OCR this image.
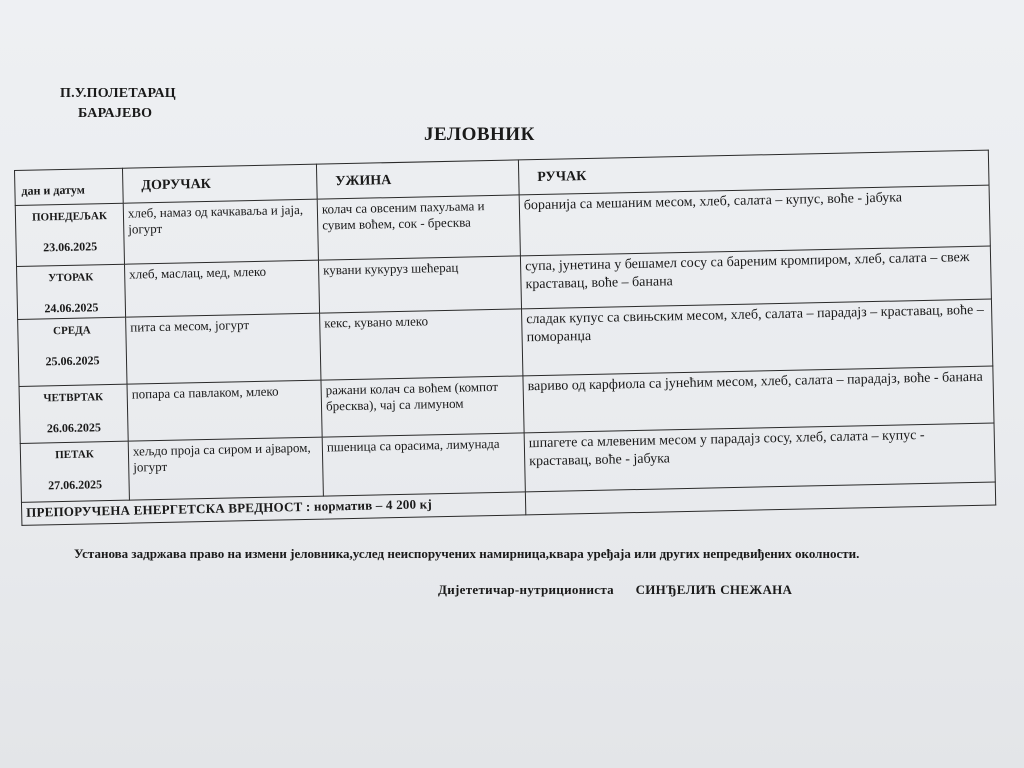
П.У.ПОЛЕТАРАЦ
БАРАЈЕВО
ЈЕЛОВНИК
дан и датум	ДОРУЧАК	УЖИНА	РУЧАК

ПОНЕДЕЉАК
23.06.2025	хлеб, намаз од качкаваља и јаја, јогурт	колач са овсеним пахуљама и сувим воћем, сок - бресква	боранија са мешаним месом, хлеб, салата – купус, воће - јабука

УТОРАК
24.06.2025	хлеб, маслац, мед, млеко	кувани кукуруз шећерац	супа, јунетина у бешамел сосу са бареним кромпиром, хлеб, салата – свеж краставац, воће – банана

СРЕДА
25.06.2025	пита са месом, јогурт	кекс, кувано млеко	сладак купус са свињским месом, хлеб, салата – парадајз – краставац, воће – поморанџа

ЧЕТВРТАК
26.06.2025	попара са павлаком, млеко	ражани колач са воћем (компот бресква), чај са лимуном	вариво од карфиола са јунећим месом, хлеб, салата – парадајз, воће - банана

ПЕТАК
27.06.2025	хељдо проја са сиром и ајваром, јогурт	пшеница са орасима, лимунада	шпагете са млевеним месом у парадајз сосу, хлеб, салата – купус - краставац, воће - јабука
ПРЕПОРУЧЕНА ЕНЕРГЕТСКА ВРЕДНОСТ : норматив – 4 200 кј			
Установа задржава право на измени јеловника,услед неиспоручених намирница,квара уређаја или других непредвиђених околности.
Дијететичар-нутрициониста СИНЂЕЛИЋ СНЕЖАНА
